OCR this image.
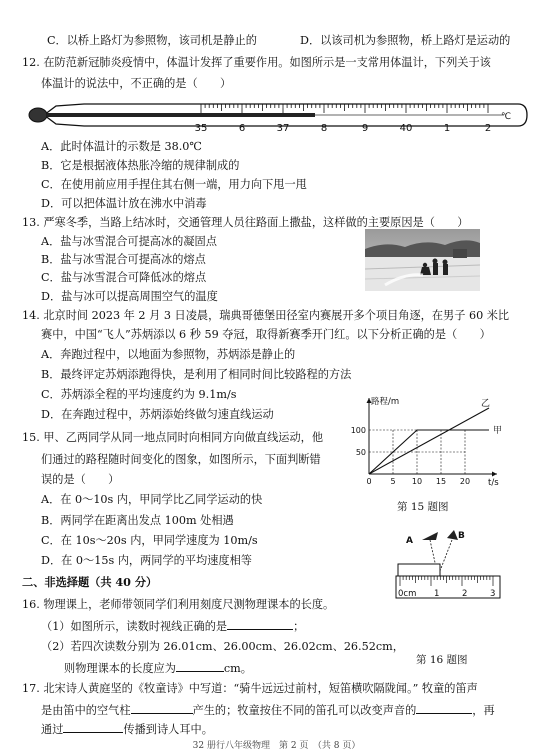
C．以桥上路灯为参照物，该司机是静止的	D．以该司机为参照物，桥上路灯是运动的
12. 在防范新冠肺炎疫情中，体温计发挥了重要作用。如图所示是一支常用体温计，下列关于该
体温计的说法中，不正确的是（　　）
35	6	37	8	9	40	1	2
℃
A．此时体温计的示数是 38.0℃
B．它是根据液体热胀冷缩的规律制成的
C．在使用前应用手捏住其右侧一端，用力向下甩一甩
D．可以把体温计放在沸水中消毒
13. 严寒冬季，当路上结冰时，交通管理人员往路面上撒盐，这样做的主要原因是（　　）
A．盐与冰雪混合可提高冰的凝固点
B．盐与冰雪混合可提高冰的熔点
C．盐与冰雪混合可降低冰的熔点
D．盐与冰可以提高周围空气的温度
14. 北京时间 2023 年 2 月 3 日凌晨，瑞典哥德堡田径室内赛展开多个项目角逐，在男子 60 米比
赛中，中国“飞人”苏炳添以 6 秒 59 夺冠，取得新赛季开门红。以下分析正确的是（　　）
A．奔跑过程中，以地面为参照物，苏炳添是静止的
B．最终评定苏炳添跑得快，是利用了相同时间比较路程的方法
C．苏炳添全程的平均速度约为 9.1m/s
D．在奔跑过程中，苏炳添始终做匀速直线运动
15. 甲、乙两同学从同一地点同时向相同方向做直线运动，他
们通过的路程随时间变化的图象，如图所示，下面判断错
误的是（　　）
A．在 0～10s 内，甲同学比乙同学运动的快
B．两同学在距离出发点 100m 处相遇
C．在 10s～20s 内，甲同学速度为 10m/s
D．在 0～15s 内，两同学的平均速度相等
路程/m
t/s
50
100
0 5 10 15 20
甲
乙
第 15 题图
二、非选择题（共 40 分）
16. 物理课上，老师带领同学们利用刻度尺测物理课本的长度。
（1）如图所示，读数时视线正确的是	；
（2）若四次读数分别为 26.01cm、26.00cm、26.02cm、26.52cm，
则物理课本的长度应为	cm。
A	B
0cm 1	2	3
第 16 题图
17. 北宋诗人黄庭坚的《牧童诗》中写道：“骑牛远远过前村，短笛横吹隔陇闻。” 牧童的笛声
是由笛中的空气柱	产生的；牧童按住不同的笛孔可以改变声音的	，再
通过	传播到诗人耳中。
32 册行八年级物理　第 2 页　（共 8 页）
